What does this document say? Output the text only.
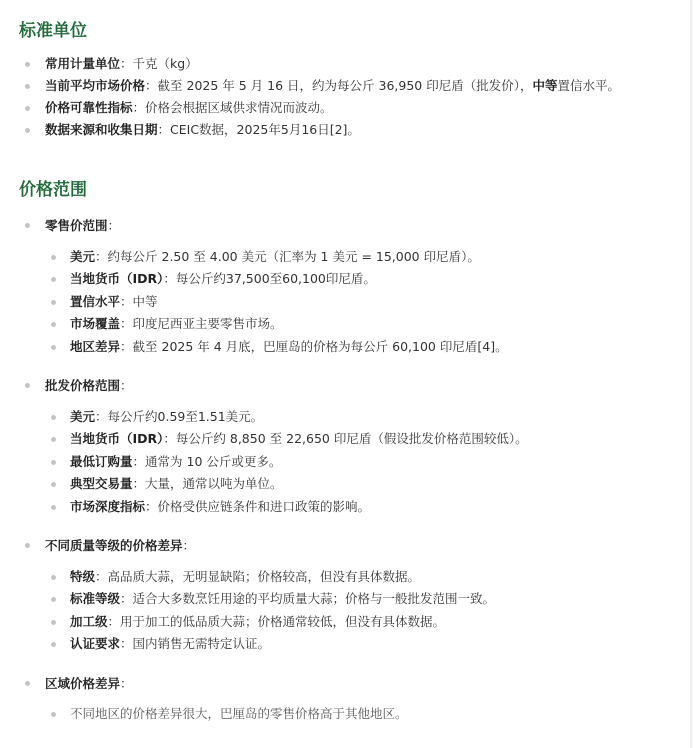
标准单位
常用计量单位：千克（kg）
当前平均市场价格：截至 2025 年 5 月 16 日，约为每公斤 36,950 印尼盾（批发价），中等置信水平。
价格可靠性指标：价格会根据区域供求情况而波动。
数据来源和收集日期：CEIC数据，2025年5月16日[2]。
价格范围
零售价范围：
美元：约每公斤 2.50 至 4.00 美元（汇率为 1 美元 = 15,000 印尼盾）。
当地货币（IDR）：每公斤约37,500至60,100印尼盾。
置信水平：中等
市场覆盖：印度尼西亚主要零售市场。
地区差异：截至 2025 年 4 月底，巴厘岛的价格为每公斤 60,100 印尼盾[4]。
批发价格范围：
美元：每公斤约0.59至1.51美元。
当地货币（IDR）：每公斤约 8,850 至 22,650 印尼盾（假设批发价格范围较低）。
最低订购量：通常为 10 公斤或更多。
典型交易量：大量，通常以吨为单位。
市场深度指标：价格受供应链条件和进口政策的影响。
不同质量等级的价格差异：
特级：高品质大蒜，无明显缺陷；价格较高，但没有具体数据。
标准等级：适合大多数烹饪用途的平均质量大蒜；价格与一般批发范围一致。
加工级：用于加工的低品质大蒜；价格通常较低，但没有具体数据。
认证要求：国内销售无需特定认证。
区域价格差异：
不同地区的价格差异很大，巴厘岛的零售价格高于其他地区。
